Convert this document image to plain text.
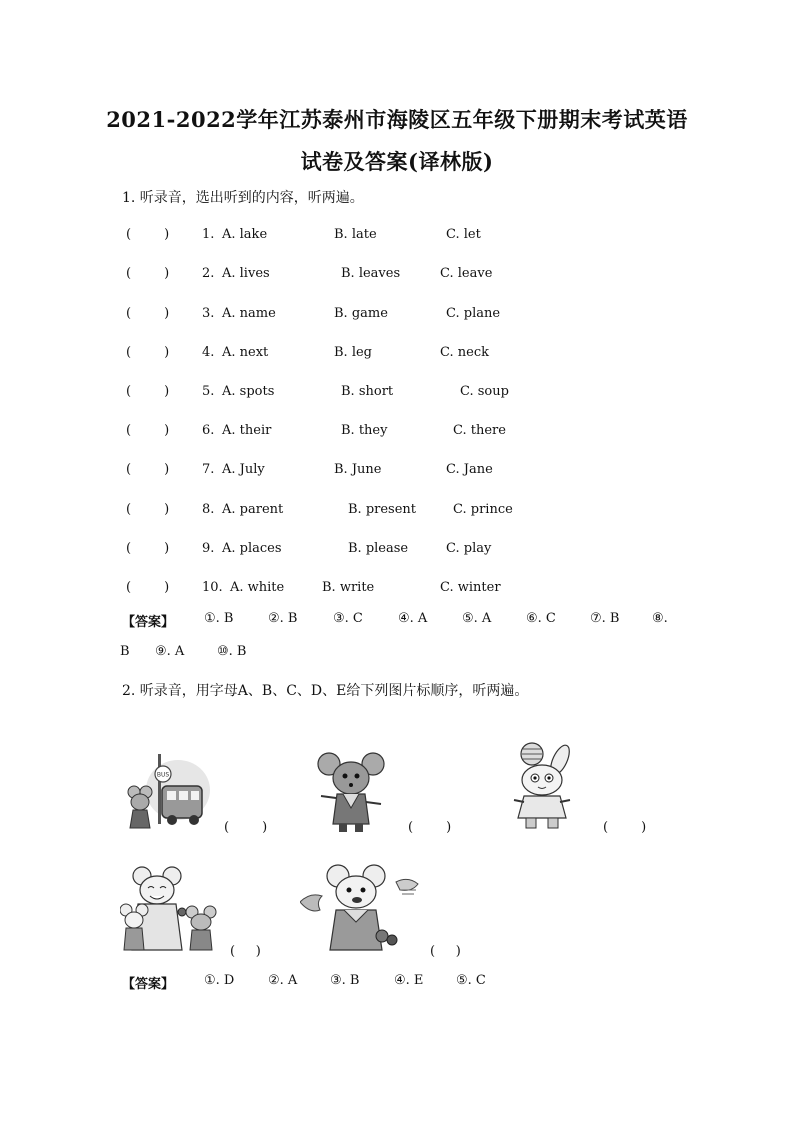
2021-2022学年江苏泰州市海陵区五年级下册期末考试英语
试卷及答案(译林版)
1. 听录音，选出听到的内容，听两遍。
(        )	1. A. lake	B. late	C. let
(        )	2. A. lives	B. leaves	C. leave
(        )	3. A. name	B. game	C. plane
(        )	4. A. next	B. leg	C. neck
(        )	5. A. spots	B. short	C. soup
(        )	6. A. their	B. they	C. there
(        )	7. A. July	B. June	C. Jane
(        )	8. A. parent	B. present	C. prince
(        )	9. A. places	B. please	C. play
(        )	10. A. white	B. write	C. winter
【答案】 ①. B	②. B	③. C	④. A	⑤. A	⑥. C	⑦. B	⑧.
B ⑨. A	⑩. B
2. 听录音，用字母A、B、C、D、E给下列图片标顺序，听两遍。
BUS
(        )	(        )	(        )
(     )	(     )
【答案】 ①. D	②. A	③. B	④. E	⑤. C
